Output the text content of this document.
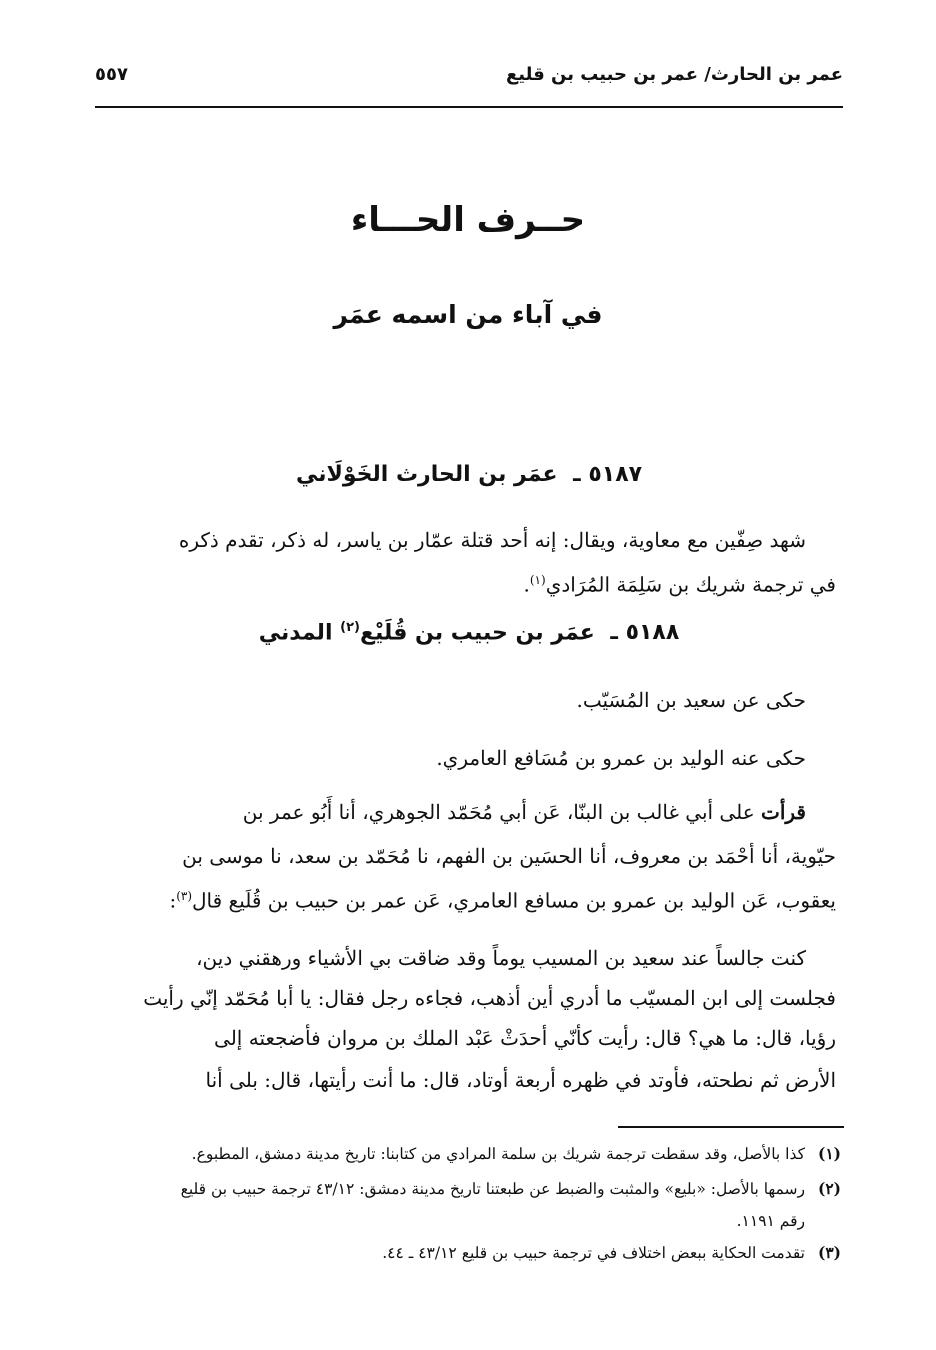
عمر بن الحارث/ عمر بن حبيب بن قليع
٥٥٧
حــرف الحـــاء
في آباء من اسمه عمَر
٥١٨٧ ـ عمَر بن الحارث الخَوْلَاني
شهد صِفّين مع معاوية، ويقال: إنه أحد قتلة عمّار بن ياسر، له ذكر، تقدم ذكره
في ترجمة شريك بن سَلِمَة المُرَادي$^{(١)}$.
٥١٨٨ ـ عمَر بن حبيب بن قُلَيْع$^{(٢)}$ المدني
حكى عن سعيد بن المُسَيّب.
حكى عنه الوليد بن عمرو بن مُسَافع العامري.
قرأت على أبي غالب بن البنّا، عَن أبي مُحَمّد الجوهري، أنا أَبُو عمر بن
حيّوية، أنا أحْمَد بن معروف، أنا الحسَين بن الفهم، نا مُحَمّد بن سعد، نا موسى بن
يعقوب، عَن الوليد بن عمرو بن مسافع العامري، عَن عمر بن حبيب بن قُلَيع قال$^{(٣)}$:
كنت جالساً عند سعيد بن المسيب يوماً وقد ضاقت بي الأشياء ورهقني دين،
فجلست إلى ابن المسيّب ما أدري أين أذهب، فجاءه رجل فقال: يا أبا مُحَمّد إنّي رأيت
رؤيا، قال: ما هي؟ قال: رأيت كأنّي أحدَثْ عَبْد الملك بن مروان فأضجعته إلى
الأرض ثم نطحته، فأوتد في ظهره أربعة أوتاد، قال: ما أنت رأيتها، قال: بلى أنا
(١)كذا بالأصل، وقد سقطت ترجمة شريك بن سلمة المرادي من كتابنا: تاريخ مدينة دمشق، المطبوع.
(٢)رسمها بالأصل: «بليع» والمثبت والضبط عن طبعتنا تاريخ مدينة دمشق: ٤٣/١٢ ترجمة حبيب بن قليع
رقم ١١٩١.
(٣)تقدمت الحكاية ببعض اختلاف في ترجمة حبيب بن قليع ٤٣/١٢ ـ ٤٤.
